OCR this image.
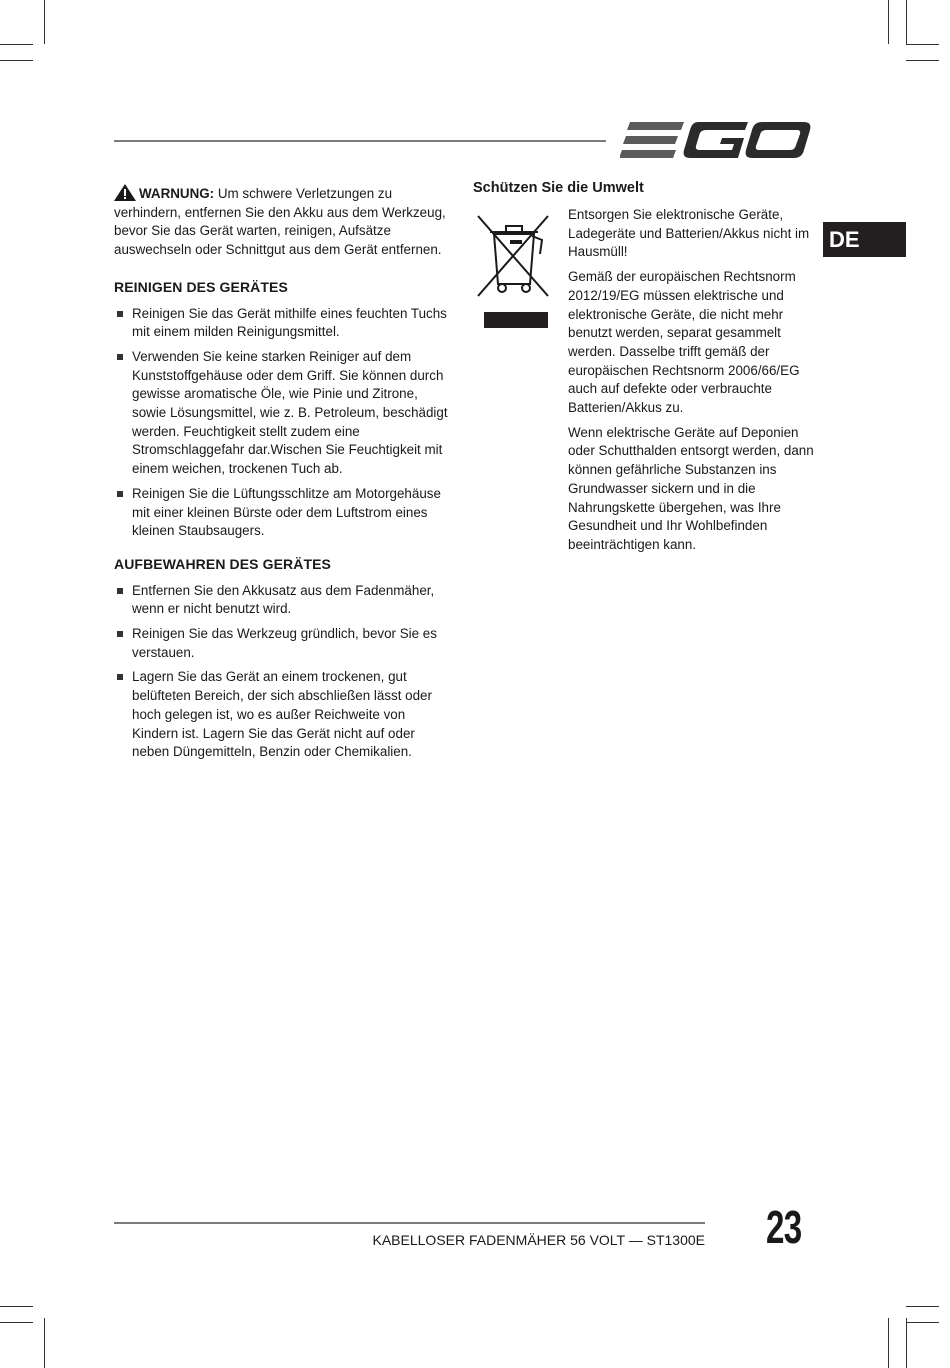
DE

WARNUNG: Um schwere Verletzungen zu verhindern, entfernen Sie den Akku aus dem Werkzeug, bevor Sie das Gerät warten, reinigen, Aufsätze auswechseln oder Schnittgut aus dem Gerät entfernen.

REINIGEN DES GERÄTES
Reinigen Sie das Gerät mithilfe eines feuchten Tuchs mit einem milden Reinigungsmittel.
Verwenden Sie keine starken Reiniger auf dem Kunststoffgehäuse oder dem Griff. Sie können durch gewisse aromatische Öle, wie Pinie und Zitrone, sowie Lösungsmittel, wie z. B. Petroleum, beschädigt werden. Feuchtigkeit stellt zudem eine Stromschlaggefahr dar.Wischen Sie Feuchtigkeit mit einem weichen, trockenen Tuch ab.
Reinigen Sie die Lüftungsschlitze am Motorgehäuse mit einer kleinen Bürste oder dem Luftstrom eines kleinen Staubsaugers.
AUFBEWAHREN DES GERÄTES
Entfernen Sie den Akkusatz aus dem Fadenmäher, wenn er nicht benutzt wird.
Reinigen Sie das Werkzeug gründlich, bevor Sie es verstauen.
Lagern Sie das Gerät an einem trockenen, gut belüfteten Bereich, der sich abschließen lässt oder hoch gelegen ist, wo es außer Reichweite von Kindern ist. Lagern Sie das Gerät nicht auf oder neben Düngemitteln, Benzin oder Chemikalien.
Schützen Sie die Umwelt

Entsorgen Sie elektronische Geräte, Ladegeräte und Batterien/Akkus nicht im Hausmüll!

Gemäß der europäischen Rechtsnorm 2012/19/EG müssen elektrische und elektronische Geräte, die nicht mehr benutzt werden, separat gesammelt werden. Dasselbe trifft gemäß der europäischen Rechtsnorm 2006/66/EG auch auf defekte oder verbrauchte Batterien/Akkus zu.

Wenn elektrische Geräte auf Deponien oder Schutthalden entsorgt werden, dann können gefährliche Substanzen ins Grundwasser sickern und in die Nahrungskette übergehen, was Ihre Gesundheit und Ihr Wohlbefinden beeinträchtigen kann.

KABELLOSER FADENMÄHER 56 VOLT — ST1300E 23
